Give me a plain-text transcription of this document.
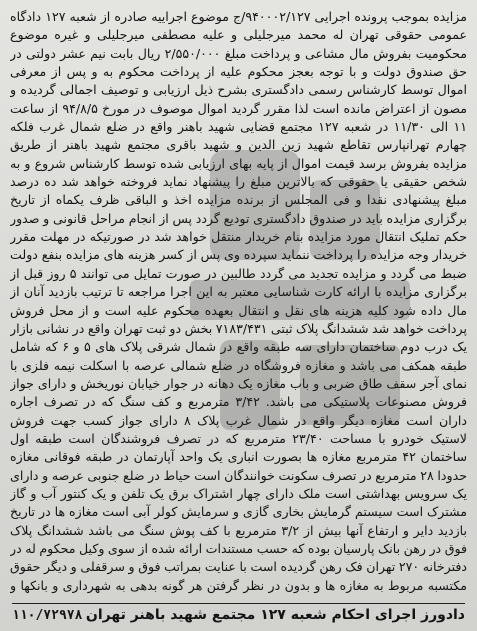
مزایده بموجب پرونده اجرایی ۹۴۰۰۰۲/۱۲۷/ج موضوع اجراییه صادره از شعبه ۱۲۷ دادگاه عمومی حقوقی تهران له محمد میرجلیلی و علیه مصطفی میرجلیلی و غیره موضوع محکومیت بفروش مال مشاعی و پرداخت مبلغ ۲/۵۵۰/۰۰۰ ریال بابت نیم عشر دولتی در حق صندوق دولت و با توجه بعجز محکوم علیه از پرداخت محکوم به و پس از معرفی اموال توسط کارشناس رسمی دادگستری بشرح ذیل ارزیابی و توصیف اجمالی گردیده و مصون از اعتراض مانده است لذا مقرر گردید اموال موصوف در مورخ ۹۴/۸/۵ از ساعت ۱۱ الی ۱۱/۳۰ در شعبه ۱۲۷ مجتمع قضایی شهید باهنر واقع در ضلع شمال غرب فلکه چهارم تهرانپارس تقاطع شهید زین الدین و شهید باقری مجتمع شهید باهنر از طریق مزایده بفروش برسد قیمت اموال از پایه بهای ارزیابی شده توسط کارشناس شروع و به شخص حقیقی یا حقوقی که بالاترین مبلغ را پیشنهاد نماید فروخته خواهد شد ده درصد مبلغ پیشنهادی نقدا و فی المجلس از برنده مزایده اخذ و الباقی ظرف یکماه از تاریخ برگزاری مزایده باید در صندوق دادگستری تودیع گردد پس از انجام مراحل قانونی و صدور حکم تملیک انتقال مورد مزایده بنام خریدار منتقل خواهد شد در صورتیکه در مهلت مقرر خریدار وجه مزایده را پرداخت ننماید سپرده وی پس از کسر هزینه های مزایده بنفع دولت ضبط می گردد و مزایده تجدید می گردد طالبین در صورت تمایل می توانند ۵ روز قبل از برگزاری مزایده با ارائه کارت شناسایی معتبر به این اجرا مراجعه تا ترتیب بازدید آنان از مال داده شود کلیه هزینه های نقل و انتقال بعهده محکوم علیه است و از محل فروش پرداخت خواهد شد ششدانگ پلاک ثبتی ۷۱۸۳/۴۳۱ بخش دو ثبت تهران واقع در نشانی بازار یک درب دوم ساختمان دارای سه طبقه واقع در شمال شرقی پلاک های ۵ و ۶ که شامل طبقه همکف می باشد و مغازه فروشگاه در ضلع شمالی عرصه با اسکلت نیمه فلزی با نمای آجر سقف طاق ضربی و باب مغازه یک دهانه در جوار خیابان نوریخش و دارای جواز فروش مصنوعات پلاستیکی می باشد. ۳/۴۲ مترمربع و کف سنگ که در تصرف اجاره داران است مغازه دیگر واقع در شمال غرب پلاک ۸ دارای جواز کسب جهت فروش لاستیک خودرو با مساحت ۲۳/۴۰ مترمربع که در تصرف فروشندگان است طبقه اول ساختمان ۴۲ مترمربع مغازه ها بصورت انباری یک واحد آپارتمان در طبقه فوقانی مغازه حدودا ۲۸ مترمربع در تصرف سکونت خوانندگان است حیاط در ضلع جنوبی عرصه و دارای یک سرویس بهداشتی است ملک دارای چهار اشتراک برق یک تلفن و یک کنتور آب و گاز مشترک است سیستم گرمایش بخاری گازی و سرمایش کولر آبی است مغازه ها در تاریخ بازدید دایر و ارتفاع آنها بیش از ۳/۲ مترمربع با کف پوش سنگ می باشد ششدانگ پلاک فوق در رهن بانک پارسیان بوده که حسب مستندات ارائه شده از سوی وکیل محکوم له در دفترخانه ۲۷۰ تهران فک رهن گردیده است با عنایت بمراتب فوق و سرقفلی و دیگر حقوق مکتسبه مربوط به مغازه ها و بدون در نظر گرفتن هر گونه بدهی به شهرداری و بانکها و

دادورز اجرای احکام شعبه ۱۲۷ مجتمع شهید باهنر تهران
۱۱۰/۷۲۹۷۸
